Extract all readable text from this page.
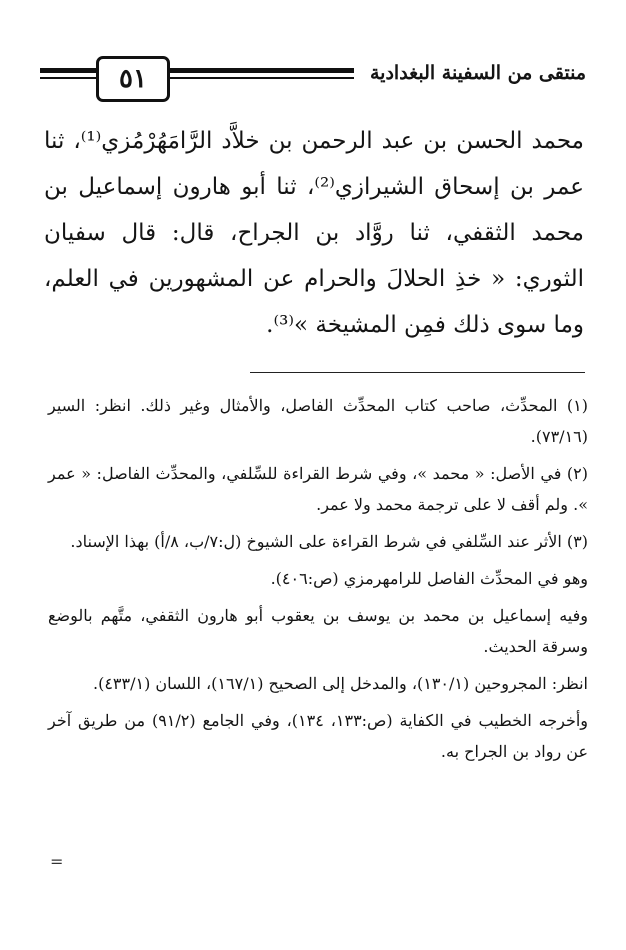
منتقى من السفينة البغدادية
٥١

محمد الحسن بن عبد الرحمن بن خلاَّد الرَّامَهُرْمُزي⁽¹⁾، ثنا عمر بن إسحاق الشيرازي⁽²⁾، ثنا أبو هارون إسماعيل بن محمد الثقفي، ثنا روَّاد بن الجراح، قال: قال سفيان الثوري: « خذِ الحلالَ والحرام عن المشهورين في العلم، وما سوى ذلك فمِن المشيخة »⁽³⁾.

(١) المحدِّث، صاحب كتاب المحدِّث الفاصل، والأمثال وغير ذلك. انظر: السير (٧٣/١٦).

(٢) في الأصل: « محمد »، وفي شرط القراءة للسِّلفي، والمحدِّث الفاصل: « عمر ». ولم أقف لا على ترجمة محمد ولا عمر.

(٣) الأثر عند السِّلفي في شرط القراءة على الشيوخ (ل:٧/ب، ٨/أ) بهذا الإسناد.

وهو في المحدِّث الفاصل للرامهرمزي (ص:٤٠٦).

وفيه إسماعيل بن محمد بن يوسف بن يعقوب أبو هارون الثقفي، متَّهم بالوضع وسرقة الحديث.

انظر: المجروحين (١٣٠/١)، والمدخل إلى الصحيح (١٦٧/١)، اللسان (٤٣٣/١).

وأخرجه الخطيب في الكفاية (ص:١٣٣، ١٣٤)، وفي الجامع (٩١/٢) من طريق آخر عن رواد بن الجراح به.

=
